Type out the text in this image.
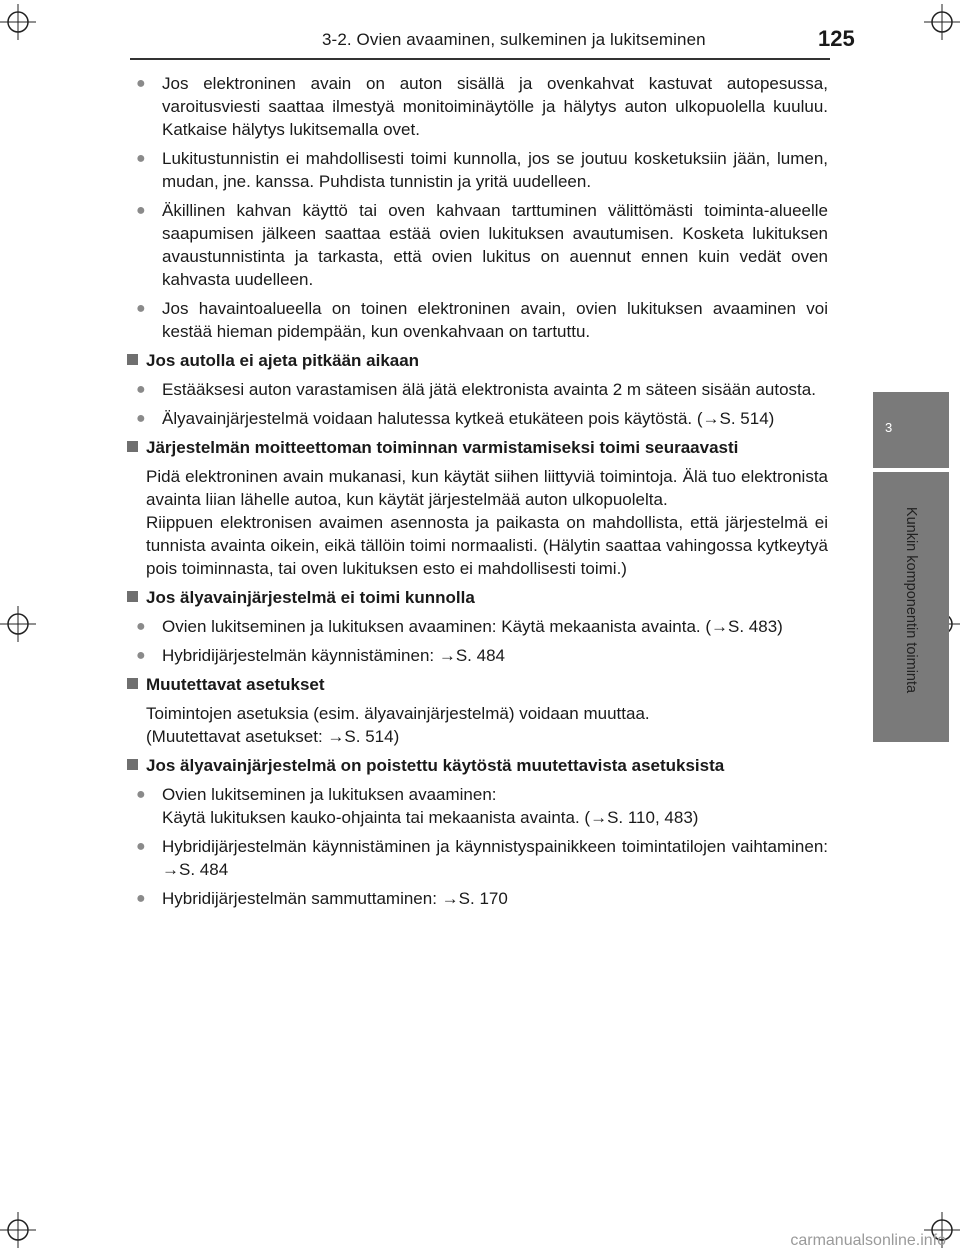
3-2. Ovien avaaminen, sulkeminen ja lukitseminen	125
3
Kunkin komponentin toiminta
● Jos elektroninen avain on auton sisällä ja ovenkahvat kastuvat autopesussa, varoitusviesti saattaa ilmestyä monitoiminäytölle ja hälytys auton ulkopuolella kuuluu. Katkaise hälytys lukitsemalla ovet.
● Lukitustunnistin ei mahdollisesti toimi kunnolla, jos se joutuu kosketuksiin jään, lumen, mudan, jne. kanssa. Puhdista tunnistin ja yritä uudelleen.
● Äkillinen kahvan käyttö tai oven kahvaan tarttuminen välittömästi toiminta-alueelle saapumisen jälkeen saattaa estää ovien lukituksen avautumisen. Kosketa lukituksen avaustunnistinta ja tarkasta, että ovien lukitus on auennut ennen kuin vedät oven kahvasta uudelleen.
● Jos havaintoalueella on toinen elektroninen avain, ovien lukituksen avaaminen voi kestää hieman pidempään, kun ovenkahvaan on tartuttu.
Jos autolla ei ajeta pitkään aikaan
● Estääksesi auton varastamisen älä jätä elektronista avainta 2 m säteen sisään autosta.
● Älyavainjärjestelmä voidaan halutessa kytkeä etukäteen pois käytöstä. (→S. 514)
Järjestelmän moitteettoman toiminnan varmistamiseksi toimi seuraavasti
Pidä elektroninen avain mukanasi, kun käytät siihen liittyviä toimintoja. Älä tuo elektronista avainta liian lähelle autoa, kun käytät järjestelmää auton ulkopuolelta.
Riippuen elektronisen avaimen asennosta ja paikasta on mahdollista, että järjestelmä ei tunnista avainta oikein, eikä tällöin toimi normaalisti. (Hälytin saattaa vahingossa kytkeytyä pois toiminnasta, tai oven lukituksen esto ei mahdollisesti toimi.)
Jos älyavainjärjestelmä ei toimi kunnolla
● Ovien lukitseminen ja lukituksen avaaminen: Käytä mekaanista avainta. (→S. 483)
● Hybridijärjestelmän käynnistäminen: →S. 484
Muutettavat asetukset
Toimintojen asetuksia (esim. älyavainjärjestelmä) voidaan muuttaa.
(Muutettavat asetukset: →S. 514)
Jos älyavainjärjestelmä on poistettu käytöstä muutettavista asetuksista
● Ovien lukitseminen ja lukituksen avaaminen:
Käytä lukituksen kauko-ohjainta tai mekaanista avainta. (→S. 110, 483)
● Hybridijärjestelmän käynnistäminen ja käynnistyspainikkeen toimintatilojen vaihtaminen: →S. 484
● Hybridijärjestelmän sammuttaminen: →S. 170
carmanualsonline.info
